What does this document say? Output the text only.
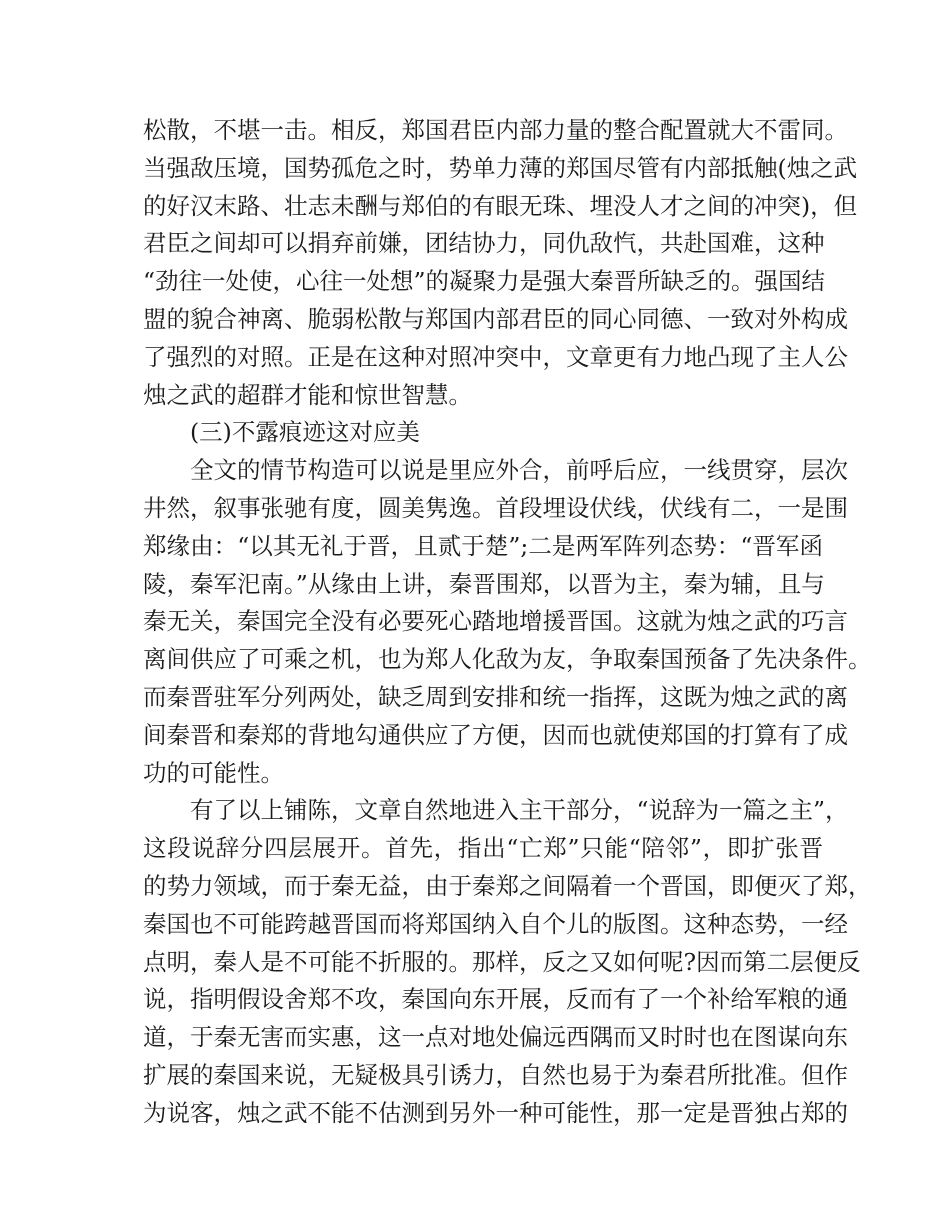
松散，不堪一击。相反，郑国君臣内部力量的整合配置就大不雷同。
当强敌压境，国势孤危之时，势单力薄的郑国尽管有内部抵触(烛之武
的好汉末路、壮志未酬与郑伯的有眼无珠、埋没人才之间的冲突)，但
君臣之间却可以捐弃前嫌，团结协力，同仇敌忾，共赴国难，这种
“劲往一处使，心往一处想”的凝聚力是强大秦晋所缺乏的。强国结
盟的貌合神离、脆弱松散与郑国内部君臣的同心同德、一致对外构成
了强烈的对照。正是在这种对照冲突中，文章更有力地凸现了主人公
烛之武的超群才能和惊世智慧。
(三)不露痕迹这对应美
全文的情节构造可以说是里应外合，前呼后应，一线贯穿，层次
井然，叙事张驰有度，圆美隽逸。首段埋设伏线，伏线有二，一是围
郑缘由：“以其无礼于晋，且贰于楚”;二是两军阵列态势：“晋军函
陵，秦军汜南。”从缘由上讲，秦晋围郑，以晋为主，秦为辅，且与
秦无关，秦国完全没有必要死心踏地增援晋国。这就为烛之武的巧言
离间供应了可乘之机，也为郑人化敌为友，争取秦国预备了先决条件。
而秦晋驻军分列两处，缺乏周到安排和统一指挥，这既为烛之武的离
间秦晋和秦郑的背地勾通供应了方便，因而也就使郑国的打算有了成
功的可能性。
有了以上铺陈，文章自然地进入主干部分，“说辞为一篇之主”，
这段说辞分四层展开。首先，指出“亡郑”只能“陪邻”，即扩张晋
的势力领域，而于秦无益，由于秦郑之间隔着一个晋国，即便灭了郑，
秦国也不可能跨越晋国而将郑国纳入自个儿的版图。这种态势，一经
点明，秦人是不可能不折服的。那样，反之又如何呢?因而第二层便反
说，指明假设舍郑不攻，秦国向东开展，反而有了一个补给军粮的通
道，于秦无害而实惠，这一点对地处偏远西隅而又时时也在图谋向东
扩展的秦国来说，无疑极具引诱力，自然也易于为秦君所批准。但作
为说客，烛之武不能不估测到另外一种可能性，那一定是晋独占郑的
